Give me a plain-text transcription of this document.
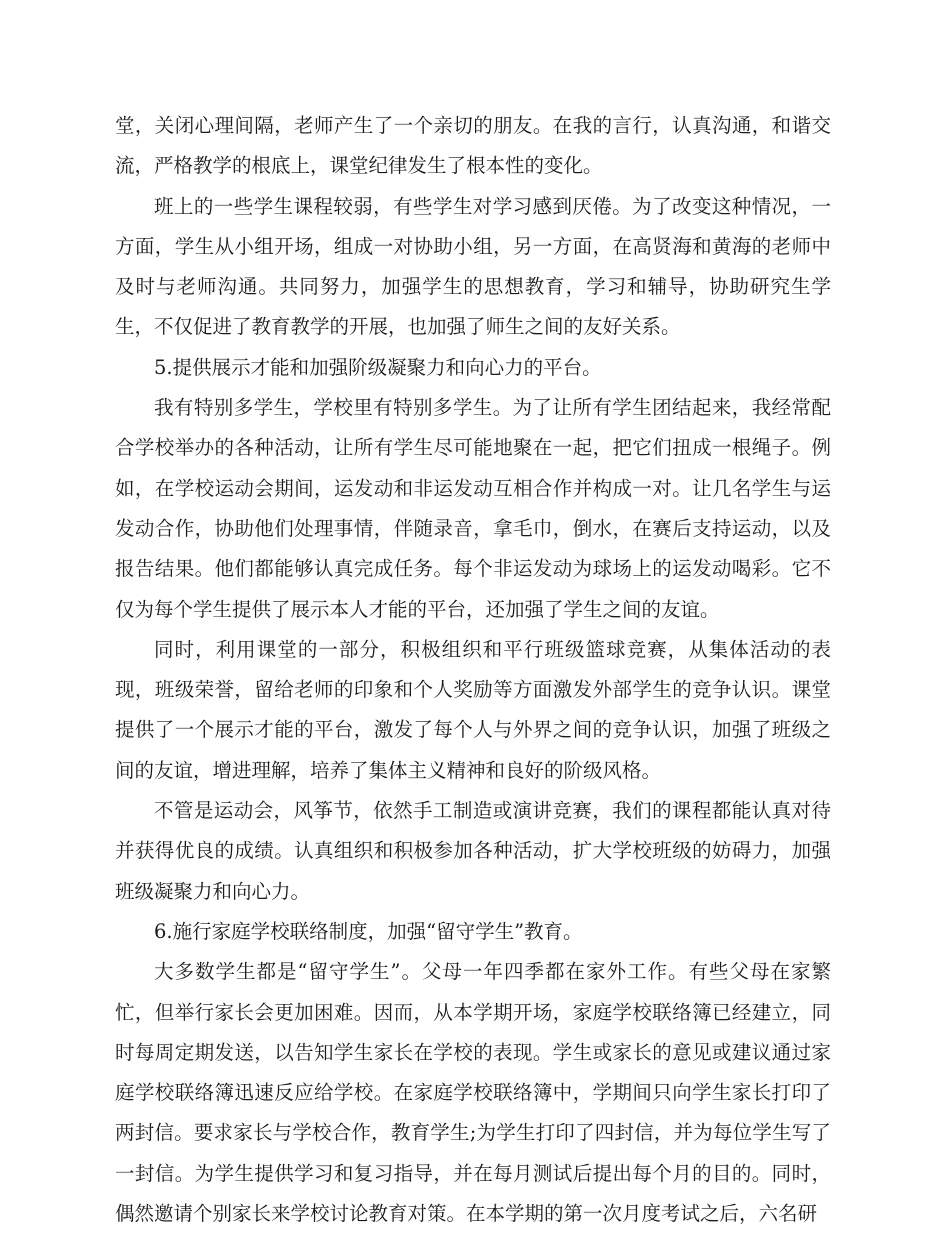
堂，关闭心理间隔，老师产生了一个亲切的朋友。在我的言行，认真沟通，和谐交流，严格教学的根底上，课堂纪律发生了根本性的变化。

班上的一些学生课程较弱，有些学生对学习感到厌倦。为了改变这种情况，一方面，学生从小组开场，组成一对协助小组，另一方面，在高贤海和黄海的老师中及时与老师沟通。共同努力，加强学生的思想教育，学习和辅导，协助研究生学生，不仅促进了教育教学的开展，也加强了师生之间的友好关系。

5.提供展示才能和加强阶级凝聚力和向心力的平台。

我有特别多学生，学校里有特别多学生。为了让所有学生团结起来，我经常配合学校举办的各种活动，让所有学生尽可能地聚在一起，把它们扭成一根绳子。例如，在学校运动会期间，运发动和非运发动互相合作并构成一对。让几名学生与运发动合作，协助他们处理事情，伴随录音，拿毛巾，倒水，在赛后支持运动，以及报告结果。他们都能够认真完成任务。每个非运发动为球场上的运发动喝彩。它不仅为每个学生提供了展示本人才能的平台，还加强了学生之间的友谊。

同时，利用课堂的一部分，积极组织和平行班级篮球竞赛，从集体活动的表现，班级荣誉，留给老师的印象和个人奖励等方面激发外部学生的竞争认识。课堂提供了一个展示才能的平台，激发了每个人与外界之间的竞争认识，加强了班级之间的友谊，增进理解，培养了集体主义精神和良好的阶级风格。

不管是运动会，风筝节，依然手工制造或演讲竞赛，我们的课程都能认真对待并获得优良的成绩。认真组织和积极参加各种活动，扩大学校班级的妨碍力，加强班级凝聚力和向心力。

6.施行家庭学校联络制度，加强“留守学生”教育。

大多数学生都是“留守学生”。父母一年四季都在家外工作。有些父母在家繁忙，但举行家长会更加困难。因而，从本学期开场，家庭学校联络簿已经建立，同时每周定期发送，以告知学生家长在学校的表现。学生或家长的意见或建议通过家庭学校联络簿迅速反应给学校。在家庭学校联络簿中，学期间只向学生家长打印了两封信。要求家长与学校合作，教育学生;为学生打印了四封信，并为每位学生写了一封信。为学生提供学习和复习指导，并在每月测试后提出每个月的目的。同时，偶然邀请个别家长来学校讨论教育对策。在本学期的第一次月度考试之后，六名研
